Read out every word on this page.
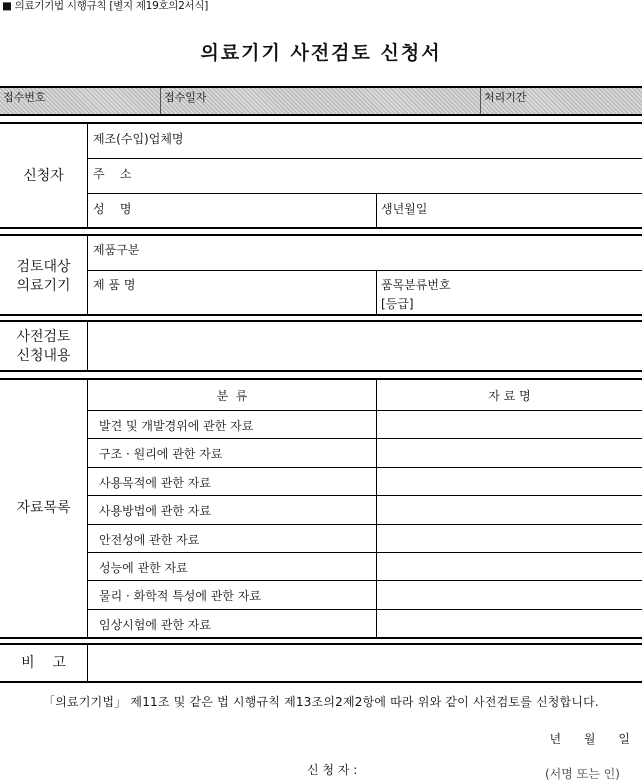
■ 의료기기법 시행규칙 [별지 제19호의2서식]
의료기기 사전검토 신청서
접수번호	접수일자	처리기간
신청자
제조(수입)업체명
주    소
성    명	생년월일
검토대상
의료기기
제품구분
제 품 명	품목분류번호
[등급]
사전검토
신청내용
자료목록
분  류	자 료 명
발견 및 개발경위에 관한 자료
구조 · 원리에 관한 자료
사용목적에 관한 자료
사용방법에 관한 자료
안전성에 관한 자료
성능에 관한 자료
물리 · 화학적 특성에 관한 자료
임상시험에 관한 자료
비    고
「의료기기법」 제11조 및 같은 법 시행규칙 제13조의2제2항에 따라 위와 같이 사전검토를 신청합니다.
년      월      일
신 청 자 :	(서명 또는 인)
